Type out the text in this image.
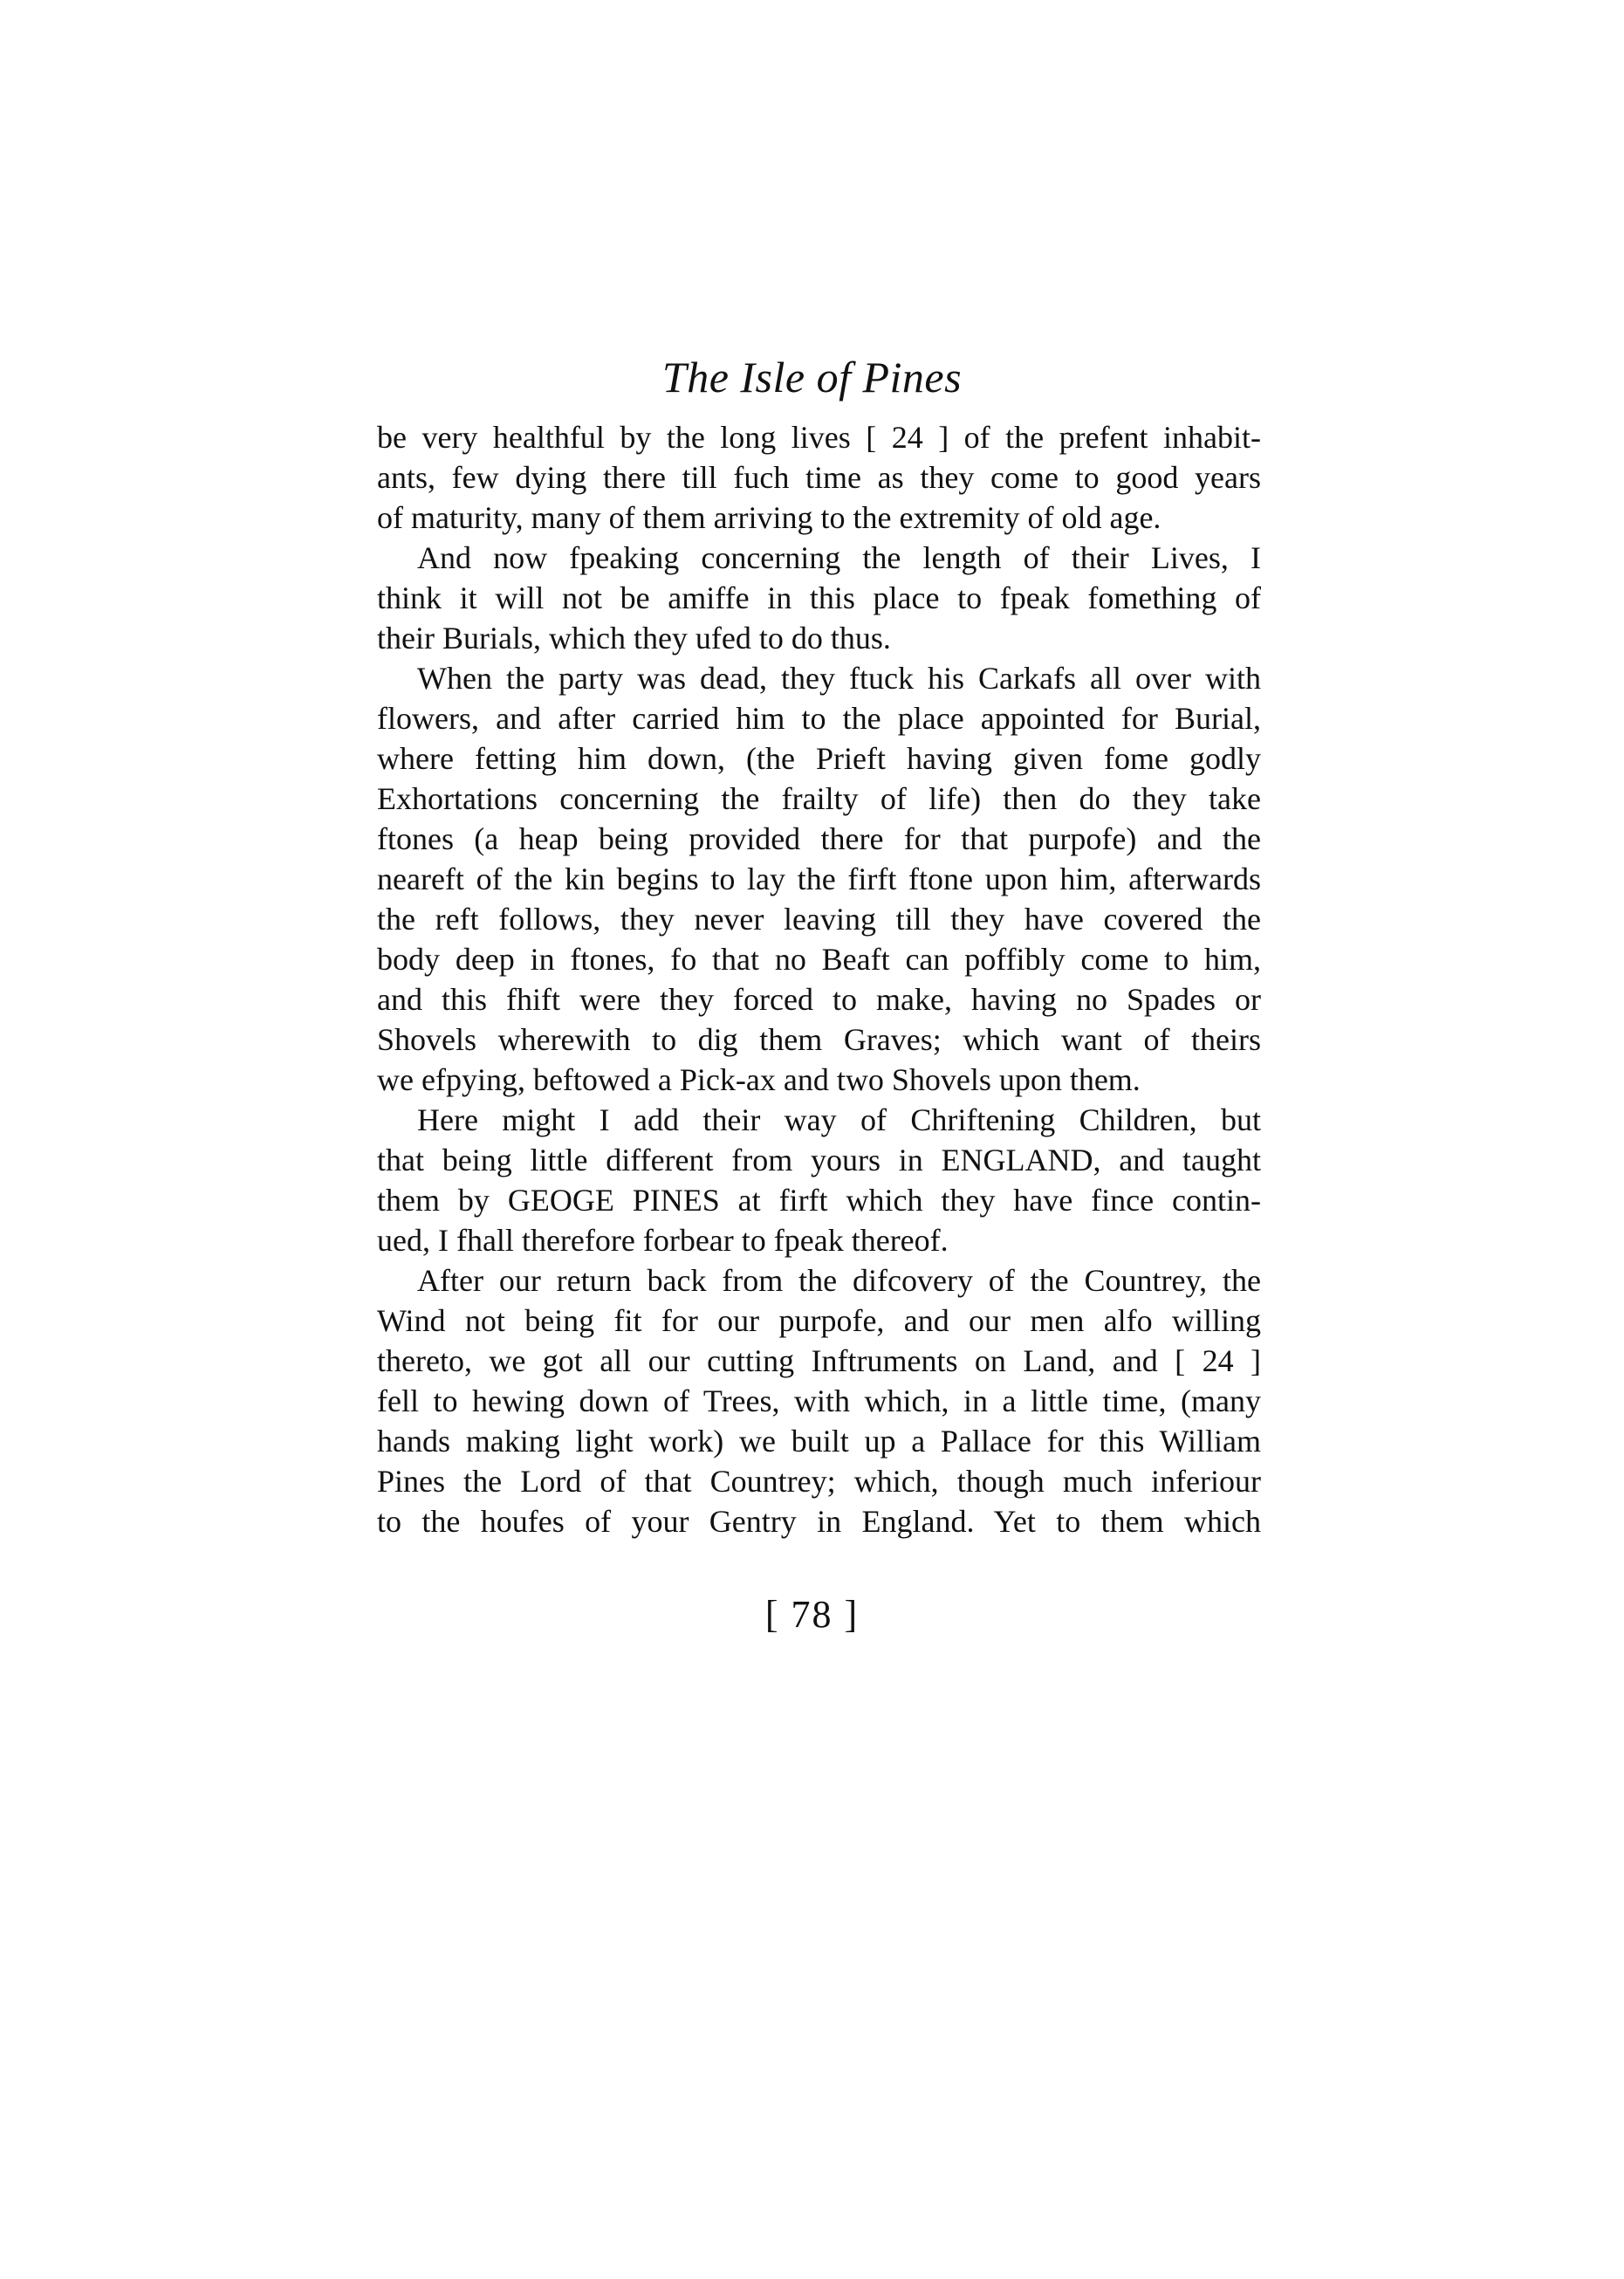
The Isle of Pines
be very healthful by the long lives [ 24 ] of the prefent inhabit-
ants, few dying there till fuch time as they come to good years
of maturity, many of them arriving to the extremity of old age.
And now fpeaking concerning the length of their Lives, I
think it will not be amiffe in this place to fpeak fomething of
their Burials, which they ufed to do thus.
When the party was dead, they ftuck his Carkafs all over with
flowers, and after carried him to the place appointed for Burial,
where fetting him down, (the Prieft having given fome godly
Exhortations concerning the frailty of life) then do they take
ftones (a heap being provided there for that purpofe) and the
neareft of the kin begins to lay the firft ftone upon him, afterwards
the reft follows, they never leaving till they have covered the
body deep in ftones, fo that no Beaft can poffibly come to him,
and this fhift were they forced to make, having no Spades or
Shovels wherewith to dig them Graves; which want of theirs
we efpying, beftowed a Pick-ax and two Shovels upon them.
Here might I add their way of Chriftening Children, but
that being little different from yours in ENGLAND, and taught
them by GEOGE PINES at firft which they have fince contin-
ued, I fhall therefore forbear to fpeak thereof.
After our return back from the difcovery of the Countrey, the
Wind not being fit for our purpofe, and our men alfo willing
thereto, we got all our cutting Inftruments on Land, and [ 24 ]
fell to hewing down of Trees, with which, in a little time, (many
hands making light work) we built up a Pallace for this William
Pines the Lord of that Countrey; which, though much inferiour
to the houfes of your Gentry in England. Yet to them which
[ 78 ]
